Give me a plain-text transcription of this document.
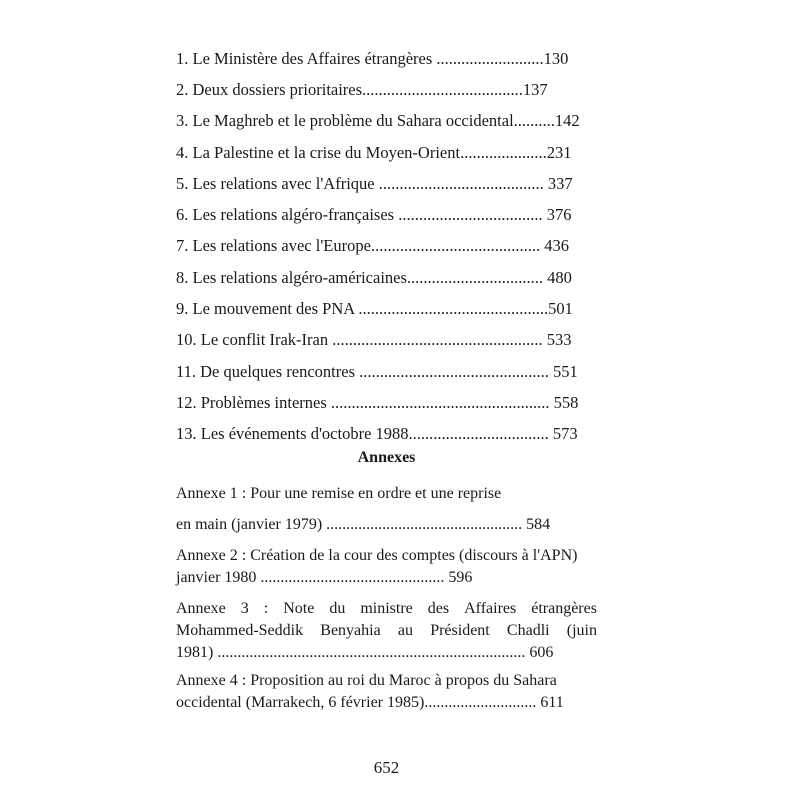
1. Le Ministère des Affaires étrangères ..........................130
2. Deux dossiers prioritaires.......................................137
3. Le Maghreb et le problème du Sahara occidental..........142
4. La Palestine et la crise du Moyen-Orient.....................231
5. Les relations avec l'Afrique ........................................ 337
6. Les relations algéro-françaises ................................... 376
7. Les relations avec l'Europe......................................... 436
8. Les relations algéro-américaines................................. 480
9. Le mouvement des PNA ..............................................501
10. Le conflit Irak-Iran ................................................... 533
11. De quelques rencontres .............................................. 551
12. Problèmes internes ..................................................... 558
13. Les événements d'octobre 1988.................................. 573
Annexes
Annexe 1 : Pour une remise en ordre et une reprise
en main (janvier 1979) ................................................. 584
Annexe 2 : Création de la cour des comptes (discours à l'APN)
janvier 1980 .............................................. 596
Annexe 3 : Note du ministre des Affaires étrangères
Mohammed-Seddik Benyahia au Président Chadli (juin
1981) ............................................................................. 606
Annexe 4 : Proposition au roi du Maroc à propos du Sahara
occidental (Marrakech, 6 février 1985)............................ 611
652
